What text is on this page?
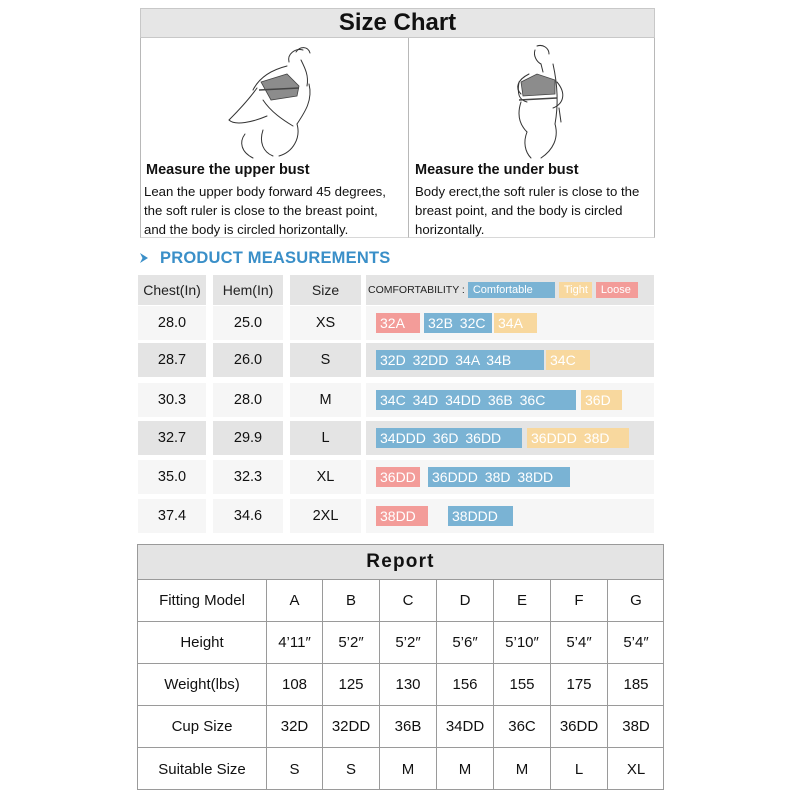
Size Chart
Measure the upper bust
Lean the upper body forward 45 degrees,
the soft ruler is close to the breast point,
and the body is circled horizontally.
Measure the under bust
Body erect,the soft ruler is close to the
breast point, and the body is circled
horizontally.
PRODUCT MEASUREMENTS
Chest(In)	Hem(In)	Size	COMFORTABILITY : Comfortable	Tight	Loose
28.0	25.0	XS	32A	32B 32C 34A
28.7	26.0	S	32D 32DD 34A 34B	34C
30.3	28.0	M	34C 34D 34DD 36B 36C	36D
32.7	29.9	L	34DDD 36D 36DD	36DDD 38D
35.0	32.3	XL	36DD	36DDD 38D 38DD
37.4	34.6	2XL	38DD	38DDD
Report
Fitting Model	A	B	C	D	E	F	G
Height	4’11″	5’2″	5’2″	5’6″	5’10″	5’4″	5’4″
Weight(lbs)	108	125	130	156	155	175	185
Cup Size	32D	32DD	36B	34DD	36C	36DD	38D
Suitable Size	S	S	M	M	M	L	XL
